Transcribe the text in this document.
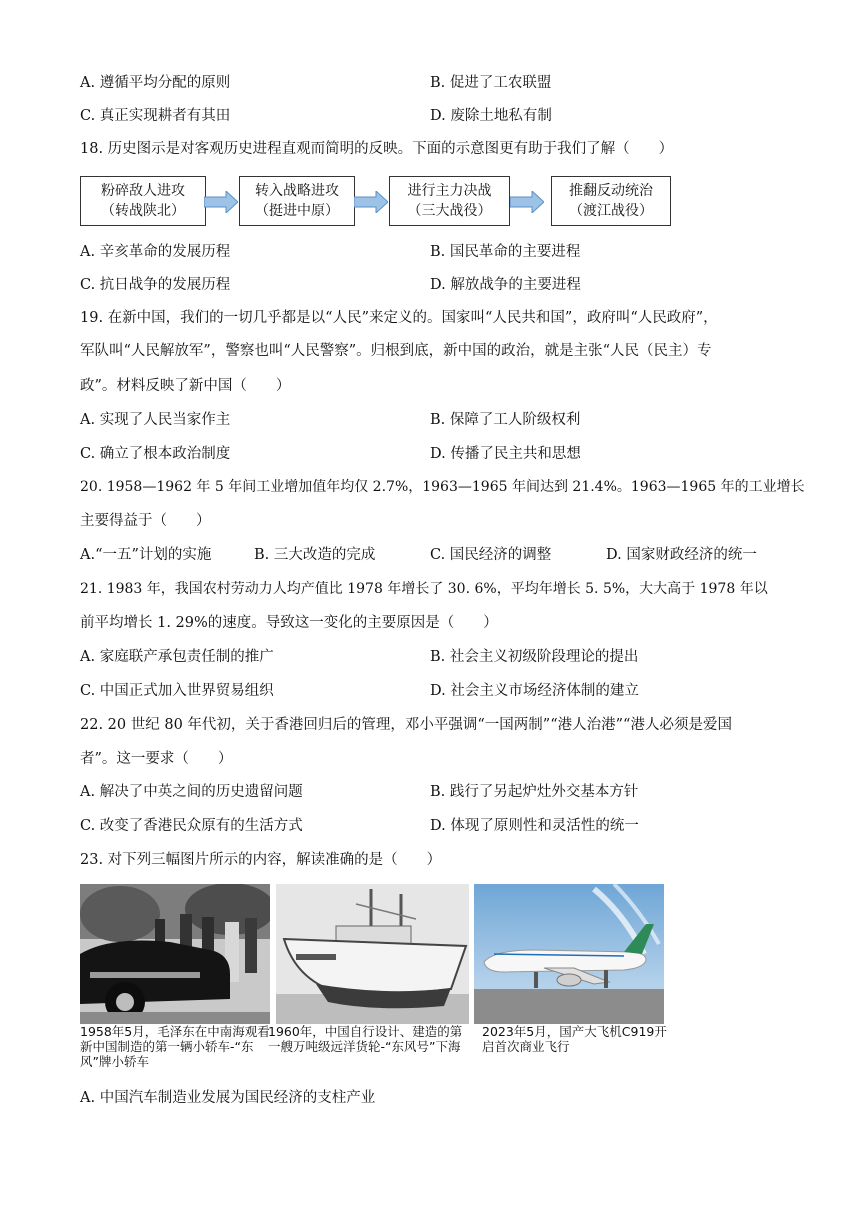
A. 遵循平均分配的原则	B. 促进了工农联盟
C. 真正实现耕者有其田	D. 废除土地私有制
18. 历史图示是对客观历史进程直观而简明的反映。下面的示意图更有助于我们了解（　　）
粉碎敌人进攻
（转战陕北）
转入战略进攻
（挺进中原）
进行主力决战
（三大战役）
推翻反动统治
（渡江战役）
A. 辛亥革命的发展历程	B. 国民革命的主要进程
C. 抗日战争的发展历程	D. 解放战争的主要进程
19. 在新中国，我们的一切几乎都是以“人民”来定义的。国家叫“人民共和国”，政府叫“人民政府”，
军队叫“人民解放军”，警察也叫“人民警察”。归根到底，新中国的政治，就是主张“人民（民主）专
政”。材料反映了新中国（　　）
A. 实现了人民当家作主	B. 保障了工人阶级权利
C. 确立了根本政治制度	D. 传播了民主共和思想
20. 1958—1962 年 5 年间工业增加值年均仅 2.7%，1963—1965 年间达到 21.4%。1963—1965 年的工业增长
主要得益于（　　）
A.“一五”计划的实施	B. 三大改造的完成	C. 国民经济的调整	D. 国家财政经济的统一
21. 1983 年，我国农村劳动力人均产值比 1978 年增长了 30. 6%，平均年增长 5. 5%，大大高于 1978 年以
前平均增长 1. 29%的速度。导致这一变化的主要原因是（　　）
A. 家庭联产承包责任制的推广	B. 社会主义初级阶段理论的提出
C. 中国正式加入世界贸易组织	D. 社会主义市场经济体制的建立
22. 20 世纪 80 年代初，关于香港回归后的管理，邓小平强调“一国两制”“港人治港”“港人必须是爱国
者”。这一要求（　　）
A. 解决了中英之间的历史遗留问题	B. 践行了另起炉灶外交基本方针
C. 改变了香港民众原有的生活方式	D. 体现了原则性和灵活性的统一
23. 对下列三幅图片所示的内容，解读准确的是（　　）
1958年5月，毛泽东在中南海观看新中国制造的第一辆小轿车-“东风”牌小轿车
1960年，中国自行设计、建造的第一艘万吨级远洋货轮-“东风号”下海
2023年5月，国产大飞机C919开启首次商业飞行
A. 中国汽车制造业发展为国民经济的支柱产业
